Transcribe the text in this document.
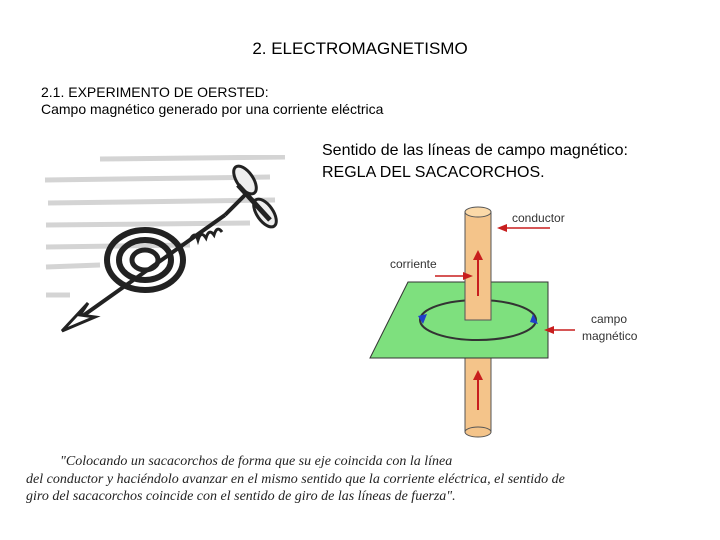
2. ELECTROMAGNETISMO
2.1. EXPERIMENTO DE OERSTED:
Campo magnético generado por una corriente eléctrica
Sentido de las líneas de campo magnético:
REGLA DEL SACACORCHOS.
conductor
corriente
campo
magnético
"Colocando un sacacorchos de forma que su eje coincida con la línea
del conductor y haciéndolo avanzar en el mismo sentido que la corriente eléctrica, el sentido de
giro del sacacorchos coincide con el sentido de giro de las líneas de fuerza".
